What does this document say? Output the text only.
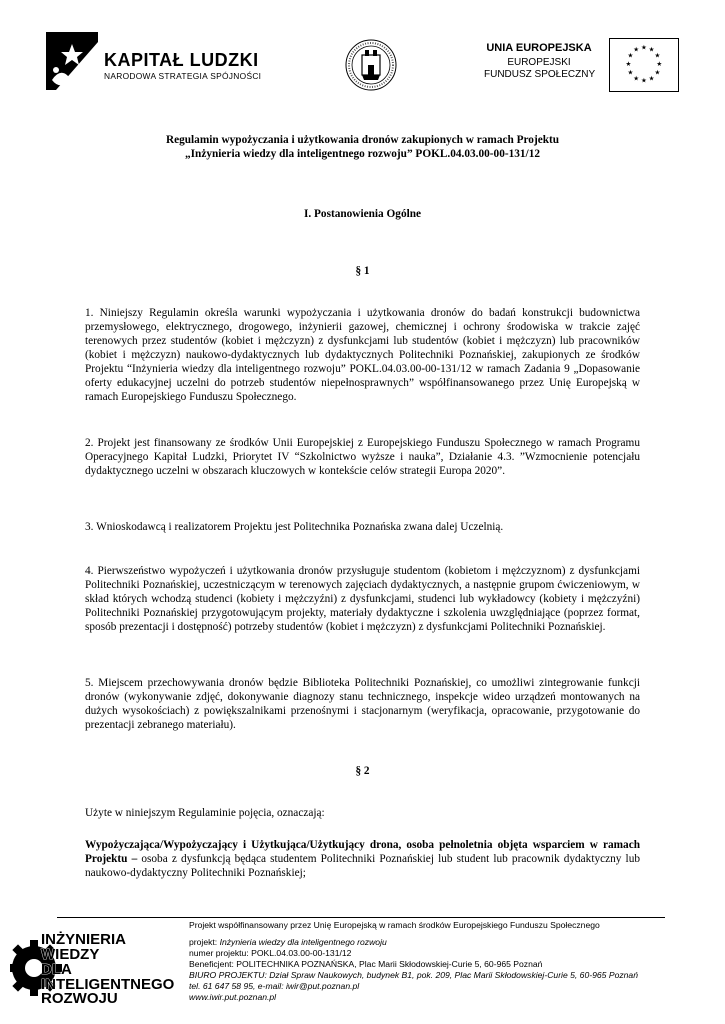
KAPITAŁ LUDZKI
NARODOWA STRATEGIA SPÓJNOŚCI
UNIA EUROPEJSKA
EUROPEJSKI
FUNDUSZ SPOŁECZNY
★ ★
★
★
★
★
★
★
★
★
★
★

Regulamin wypożyczania i użytkowania dronów zakupionych w ramach Projektu

„Inżynieria wiedzy dla inteligentnego rozwoju” POKL.04.03.00-00-131/12

I. Postanowienia Ogólne
§ 1
1. Niniejszy Regulamin określa warunki wypożyczania i użytkowania dronów do badań konstrukcji budownictwa przemysłowego, elektrycznego, drogowego, inżynierii gazowej, chemicznej i ochrony środowiska w trakcie zajęć terenowych przez studentów (kobiet i mężczyzn) z dysfunkcjami lub studentów (kobiet i mężczyzn) lub pracowników (kobiet i mężczyzn) naukowo-dydaktycznych lub dydaktycznych Politechniki Poznańskiej, zakupionych ze środków Projektu “Inżynieria wiedzy dla inteligentnego rozwoju” POKL.04.03.00-00-131/12 w ramach Zadania 9 „Dopasowanie oferty edukacyjnej uczelni do potrzeb studentów niepełnosprawnych” współfinansowanego przez Unię Europejską w ramach Europejskiego Funduszu Społecznego.
2. Projekt jest finansowany ze środków Unii Europejskiej z Europejskiego Funduszu Społecznego w ramach Programu Operacyjnego Kapitał Ludzki, Priorytet IV “Szkolnictwo wyższe i nauka”, Działanie 4.3. ”Wzmocnienie potencjału dydaktycznego uczelni w obszarach kluczowych w kontekście celów strategii Europa 2020”.
3. Wnioskodawcą i realizatorem Projektu jest Politechnika Poznańska zwana dalej Uczelnią.
4. Pierwszeństwo wypożyczeń i użytkowania dronów przysługuje studentom (kobietom i mężczyznom) z dysfunkcjami Politechniki Poznańskiej, uczestniczącym w terenowych zajęciach dydaktycznych, a następnie grupom ćwiczeniowym, w skład których wchodzą studenci (kobiety i mężczyźni) z dysfunkcjami, studenci lub wykładowcy (kobiety i mężczyźni) Politechniki Poznańskiej przygotowującym projekty, materiały dydaktyczne i szkolenia uwzględniające (poprzez format, sposób prezentacji i dostępność) potrzeby studentów (kobiet i mężczyzn) z dysfunkcjami Politechniki Poznańskiej.
5. Miejscem przechowywania dronów będzie Biblioteka Politechniki Poznańskiej, co umożliwi zintegrowanie funkcji dronów (wykonywanie zdjęć, dokonywanie diagnozy stanu technicznego, inspekcje wideo urządzeń montowanych na dużych wysokościach) z powiększalnikami przenośnymi i stacjonarnym (weryfikacja, opracowanie, przygotowanie do prezentacji zebranego materiału).
§ 2
Użyte w niniejszym Regulaminie pojęcia, oznaczają:
Wypożyczająca/Wypożyczający i Użytkująca/Użytkujący drona, osoba pełnoletnia objęta wsparciem w ramach Projektu – osoba z dysfunkcją będąca studentem Politechniki Poznańskiej lub student lub pracownik dydaktyczny lub naukowo-dydaktyczny Politechniki Poznańskiej;
INŻYNIERIA
WIEDZY
DLA
INTELIGENTNEGO
ROZWOJU
Projekt współfinansowany przez Unię Europejską w ramach środków Europejskiego Funduszu Społecznego
projekt: Inżynieria wiedzy dla inteligentnego rozwoju
numer projektu: POKL.04.03.00-00-131/12
Beneficjent: POLITECHNIKA POZNAŃSKA, Plac Marii Skłodowskiej-Curie 5, 60-965 Poznań
BIURO PROJEKTU: Dział Spraw Naukowych, budynek B1, pok. 209, Plac Marii Skłodowskiej-Curie 5, 60-965 Poznań
tel. 61 647 58 95, e-mail: iwir@put.poznan.pl
www.iwir.put.poznan.pl
